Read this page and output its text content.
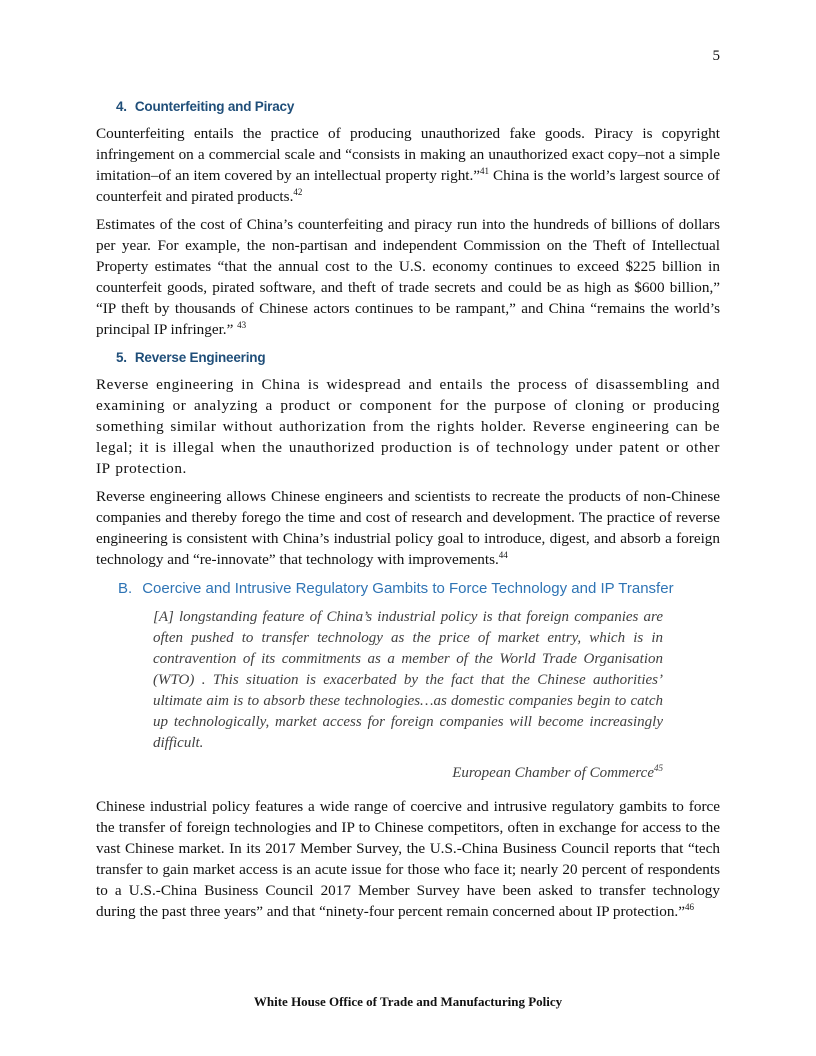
5
4. Counterfeiting and Piracy

Counterfeiting entails the practice of producing unauthorized fake goods. Piracy is copyright infringement on a commercial scale and “consists in making an unauthorized exact copy–not a simple imitation–of an item covered by an intellectual property right.”$^{41}$ China is the world’s largest source of counterfeit and pirated products.$^{42}$

Estimates of the cost of China’s counterfeiting and piracy run into the hundreds of billions of dollars per year. For example, the non-partisan and independent Commission on the Theft of Intellectual Property estimates “that the annual cost to the U.S. economy continues to exceed $225 billion in counterfeit goods, pirated software, and theft of trade secrets and could be as high as $600 billion,” “IP theft by thousands of Chinese actors continues to be rampant,” and China “remains the world’s principal IP infringer.” $^{43}$

5. Reverse Engineering

Reverse engineering in China is widespread and entails the process of disassembling and examining or analyzing a product or component for the purpose of cloning or producing something similar without authorization from the rights holder. Reverse engineering can be legal; it is illegal when the unauthorized production is of technology under patent or other IP protection.

Reverse engineering allows Chinese engineers and scientists to recreate the products of non-Chinese companies and thereby forego the time and cost of research and development. The practice of reverse engineering is consistent with China’s industrial policy goal to introduce, digest, and absorb a foreign technology and “re-innovate” that technology with improvements.$^{44}$

B. Coercive and Intrusive Regulatory Gambits to Force Technology and IP Transfer
[A] longstanding feature of China’s industrial policy is that foreign companies are often pushed to transfer technology as the price of market entry, which is in contravention of its commitments as a member of the World Trade Organisation (WTO) . This situation is exacerbated by the fact that the Chinese authorities’ ultimate aim is to absorb these technologies…as domestic companies begin to catch up technologically, market access for foreign companies will become increasingly difficult.
European Chamber of Commerce$^{45}$

Chinese industrial policy features a wide range of coercive and intrusive regulatory gambits to force the transfer of foreign technologies and IP to Chinese competitors, often in exchange for access to the vast Chinese market. In its 2017 Member Survey, the U.S.-China Business Council reports that “tech transfer to gain market access is an acute issue for those who face it; nearly 20 percent of respondents to a U.S.-China Business Council 2017 Member Survey have been asked to transfer technology during the past three years” and that “ninety-four percent remain concerned about IP protection.”$^{46}$

White House Office of Trade and Manufacturing Policy
